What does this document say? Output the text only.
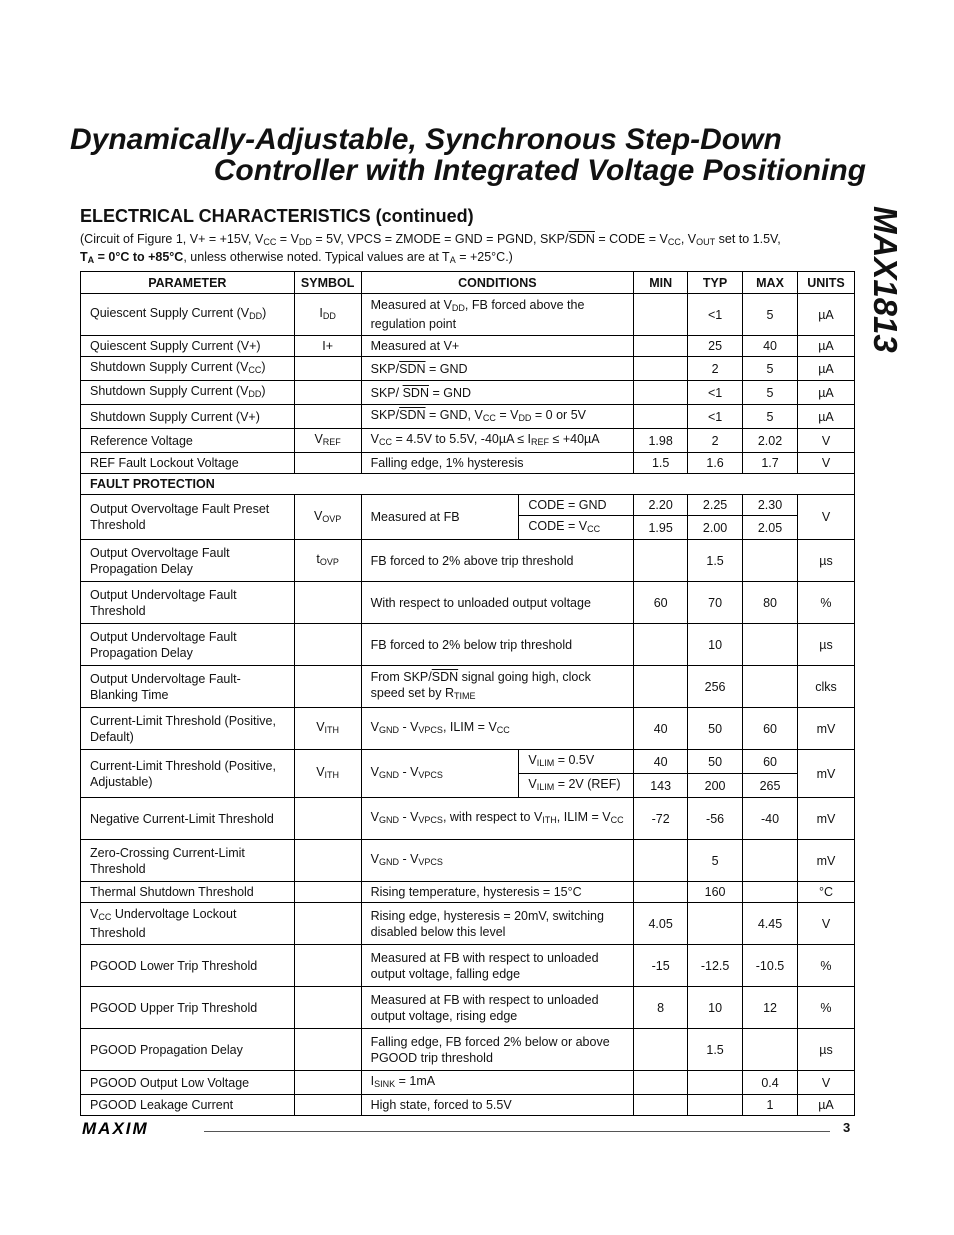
Dynamically-Adjustable, Synchronous Step-Down
Controller with Integrated Voltage Positioning
MAX1813
ELECTRICAL CHARACTERISTICS (continued)
(Circuit of Figure 1, V+ = +15V, $V_{CC} = V_{DD} = 5V$, VPCS = ZMODE = GND = PGND, SKP/$\overline{SDN}$ = CODE = $V_{CC}$, $V_{OUT}$ set to 1.5V,
$T_A = 0^\circ C$ to +85°C, unless otherwise noted. Typical values are at $T_A = +25^\circ C$.)
PARAMETER	SYMBOL	CONDITIONS		MIN	TYP	MAX	UNITS
Quiescent Supply Current $(V_{DD})$	$I_{DD}$	Measured at $V_{DD}$, FB forced above the regulation point			<1	5	µA
Quiescent Supply Current (V+)	I+	Measured at V+			25	40	µA
Shutdown Supply Current $(V_{CC})$		SKP/$\overline{SDN}$ = GND			2	5	µA
Shutdown Supply Current $(V_{DD})$		SKP/ $\overline{SDN}$ = GND			<1	5	µA
Shutdown Supply Current (V+)		SKP/$\overline{SDN}$ = GND, $V_{CC} = V_{DD} = 0$ or 5V			<1	5	µA
Reference Voltage	$V_{REF}$	$V_{CC} = 4.5V$ to 5.5V, $-40\mu A \le I_{REF} \le +40\mu A$		1.98	2	2.02	V
REF Fault Lockout Voltage		Falling edge, 1% hysteresis		1.5	1.6	1.7	V
FAULT PROTECTION							
Output Overvoltage Fault Preset Threshold	$V_{OVP}$	Measured at FB	CODE = GND	2.20	2.25	2.30	V
			CODE = $V_{CC}$	1.95	2.00	2.05	
Output Overvoltage Fault Propagation Delay	$t_{OVP}$	FB forced to 2% above trip threshold			1.5		µs
Output Undervoltage Fault Threshold		With respect to unloaded output voltage		60	70	80	%
Output Undervoltage Fault Propagation Delay		FB forced to 2% below trip threshold			10		µs
Output Undervoltage Fault-Blanking Time		From SKP/$\overline{SDN}$ signal going high, clock speed set by $R_{TIME}$			256		clks
Current-Limit Threshold (Positive, Default)	$V_{ITH}$	$V_{GND} - V_{VPCS}$, ILIM = $V_{CC}$		40	50	60	mV
Current-Limit Threshold (Positive, Adjustable)	$V_{ITH}$	$V_{GND} - V_{VPCS}$	$V_{ILIM} = 0.5V$	40	50	60	mV
			$V_{ILIM} = 2V$ (REF)	143	200	265	
Negative Current-Limit Threshold		$V_{GND} - V_{VPCS}$, with respect to $V_{ITH}$, ILIM = $V_{CC}$		-72	-56	-40	mV
Zero-Crossing Current-Limit Threshold		$V_{GND} - V_{VPCS}$			5		mV
Thermal Shutdown Threshold		Rising temperature, hysteresis = 15°C			160		°C
$V_{CC}$ Undervoltage Lockout Threshold		Rising edge, hysteresis = 20mV, switching disabled below this level		4.05		4.45	V
PGOOD Lower Trip Threshold		Measured at FB with respect to unloaded output voltage, falling edge		-15	-12.5	-10.5	%
PGOOD Upper Trip Threshold		Measured at FB with respect to unloaded output voltage, rising edge		8	10	12	%
PGOOD Propagation Delay		Falling edge, FB forced 2% below or above PGOOD trip threshold			1.5		µs
PGOOD Output Low Voltage		$I_{SINK} = 1mA$				0.4	V
PGOOD Leakage Current		High state, forced to 5.5V				1	µA
MAXIM	3
